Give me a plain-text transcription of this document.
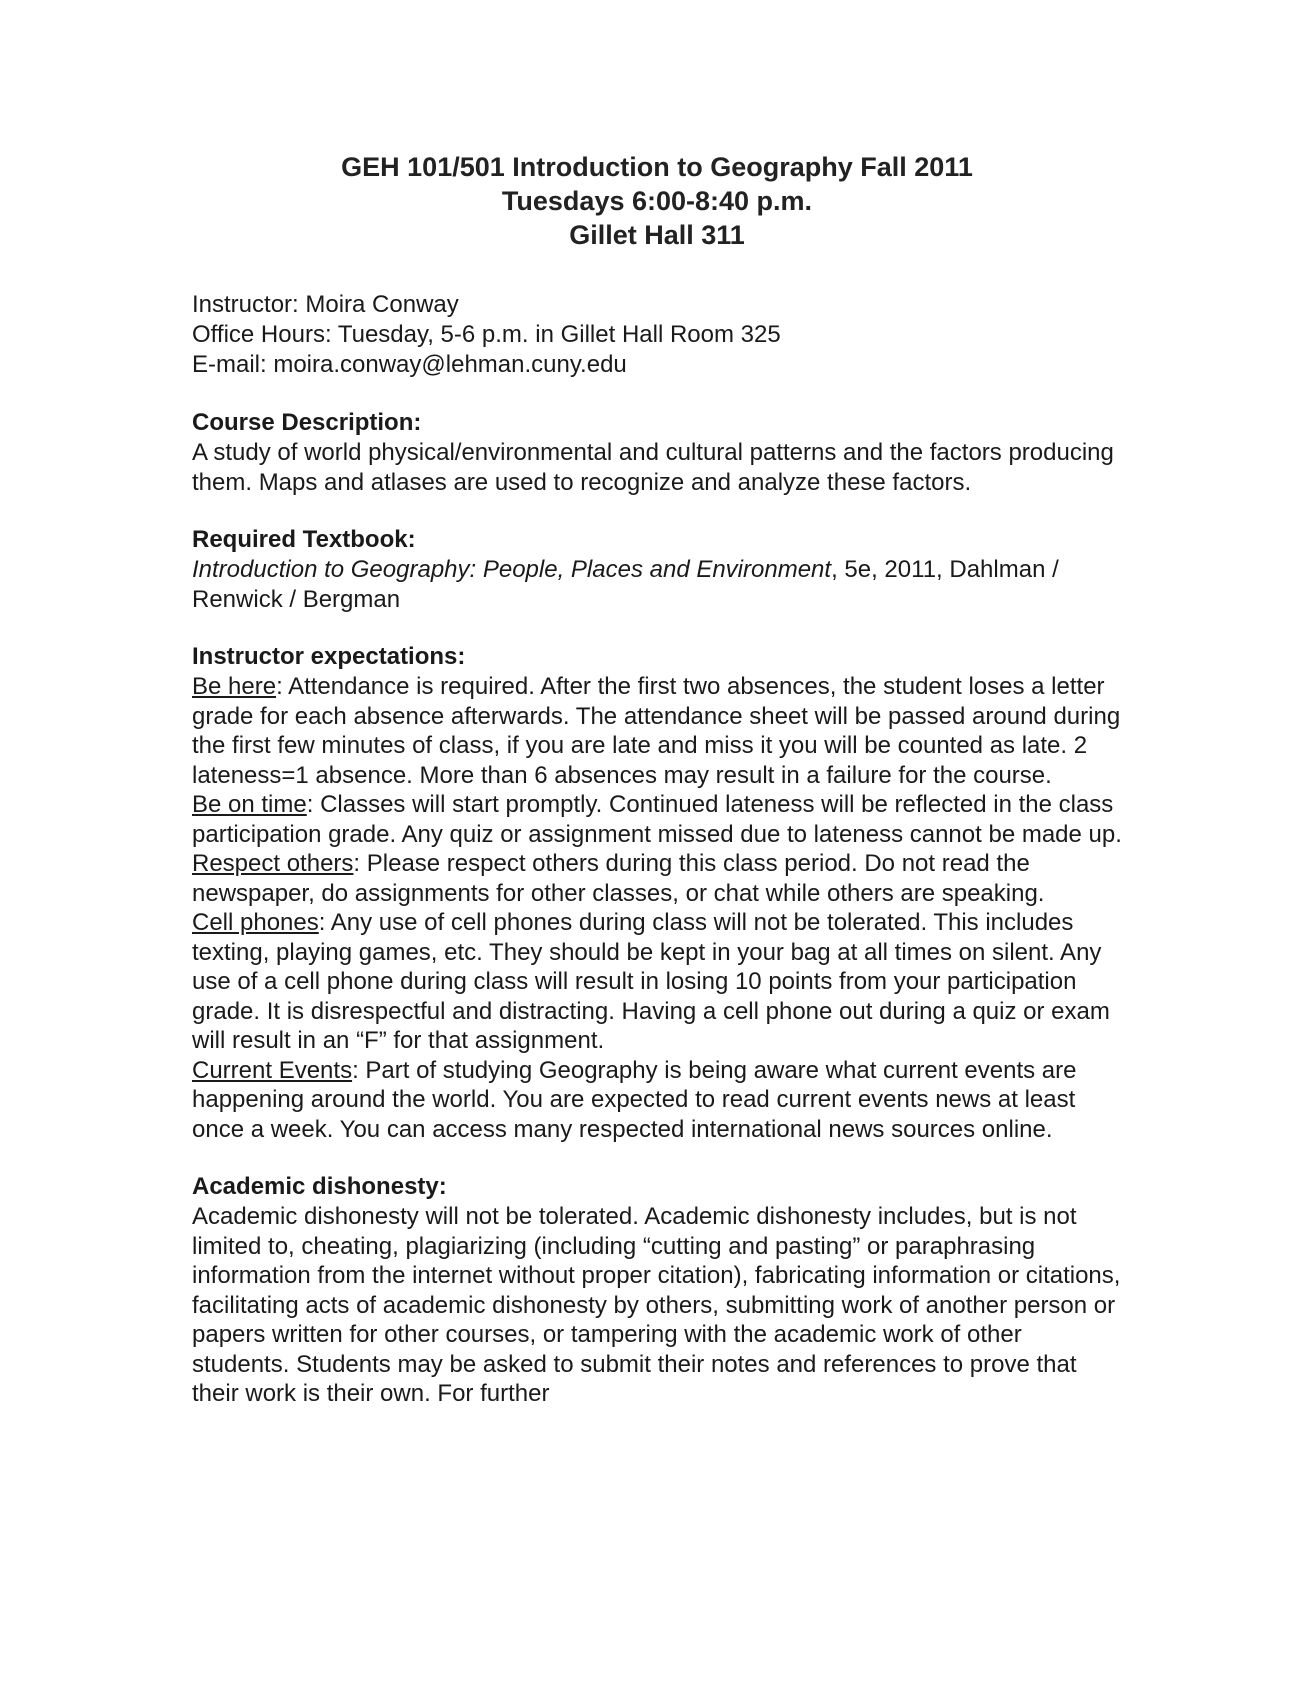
GEH 101/501 Introduction to Geography Fall 2011
Tuesdays 6:00-8:40 p.m.
Gillet Hall 311
Instructor: Moira Conway
Office Hours: Tuesday, 5-6 p.m. in Gillet Hall Room 325
E-mail: moira.conway@lehman.cuny.edu
Course Description:
A study of world physical/environmental and cultural patterns and the factors producing them. Maps and atlases are used to recognize and analyze these factors.
Required Textbook:
Introduction to Geography: People, Places and Environment, 5e, 2011, Dahlman / Renwick / Bergman
Instructor expectations:
Be here: Attendance is required. After the first two absences, the student loses a letter grade for each absence afterwards. The attendance sheet will be passed around during the first few minutes of class, if you are late and miss it you will be counted as late. 2 lateness=1 absence. More than 6 absences may result in a failure for the course.
Be on time: Classes will start promptly. Continued lateness will be reflected in the class participation grade. Any quiz or assignment missed due to lateness cannot be made up.
Respect others: Please respect others during this class period. Do not read the newspaper, do assignments for other classes, or chat while others are speaking.
Cell phones: Any use of cell phones during class will not be tolerated. This includes texting, playing games, etc. They should be kept in your bag at all times on silent. Any use of a cell phone during class will result in losing 10 points from your participation grade. It is disrespectful and distracting. Having a cell phone out during a quiz or exam will result in an “F” for that assignment.
Current Events: Part of studying Geography is being aware what current events are happening around the world. You are expected to read current events news at least once a week. You can access many respected international news sources online.
Academic dishonesty:
Academic dishonesty will not be tolerated. Academic dishonesty includes, but is not limited to, cheating, plagiarizing (including “cutting and pasting” or paraphrasing information from the internet without proper citation), fabricating information or citations, facilitating acts of academic dishonesty by others, submitting work of another person or papers written for other courses, or tampering with the academic work of other students. Students may be asked to submit their notes and references to prove that their work is their own. For further
